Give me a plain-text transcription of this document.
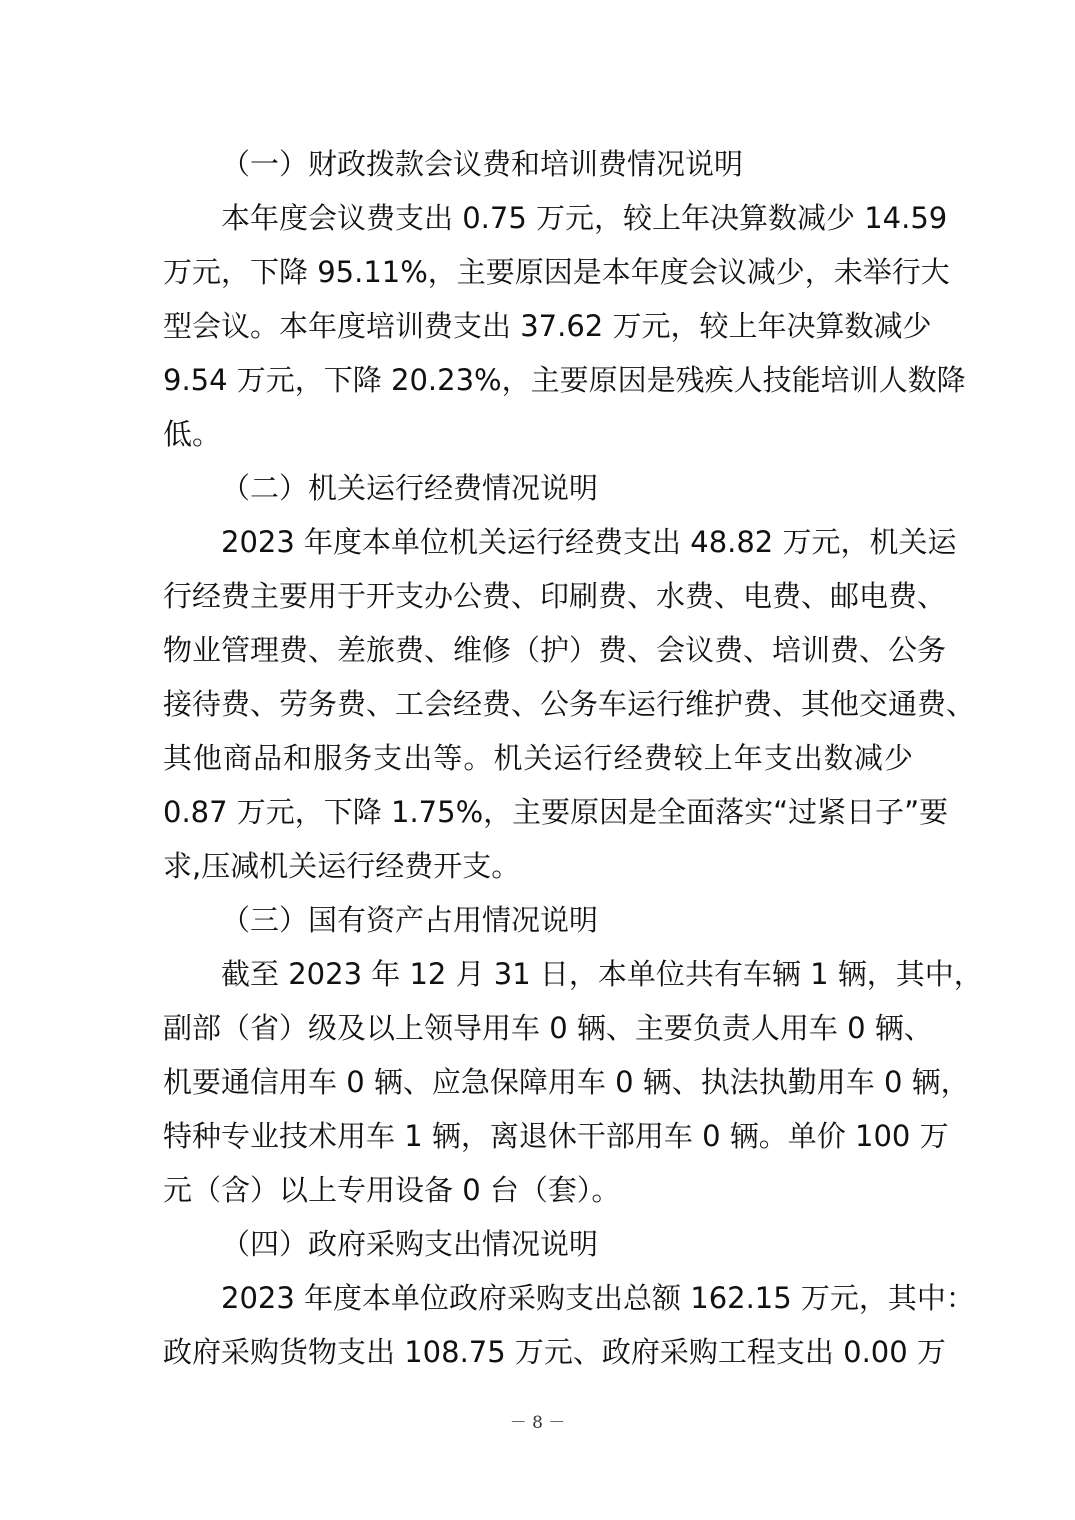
（一）财政拨款会议费和培训费情况说明

本年度会议费支出 0.75 万元，较上年决算数减少 14.59
万元，下降 95.11%，主要原因是本年度会议减少，未举行大
型会议。本年度培训费支出 37.62 万元，较上年决算数减少
9.54 万元，下降 20.23%，主要原因是残疾人技能培训人数降
低。

（二）机关运行经费情况说明

2023 年度本单位机关运行经费支出 48.82 万元，机关运
行经费主要用于开支办公费、印刷费、水费、电费、邮电费、
物业管理费、差旅费、维修（护）费、会议费、培训费、公务
接待费、劳务费、工会经费、公务车运行维护费、其他交通费、
其他商品和服务支出等。机关运行经费较上年支出数减少
0.87 万元，下降 1.75%，主要原因是全面落实“过紧日子”要
求,压减机关运行经费开支。

（三）国有资产占用情况说明

截至 2023 年 12 月 31 日，本单位共有车辆 1 辆，其中，
副部（省）级及以上领导用车 0 辆、主要负责人用车 0 辆、
机要通信用车 0 辆、应急保障用车 0 辆、执法执勤用车 0 辆，
特种专业技术用车 1 辆，离退休干部用车 0 辆。单价 100 万
元（含）以上专用设备 0 台（套）。

（四）政府采购支出情况说明

2023 年度本单位政府采购支出总额 162.15 万元，其中：
政府采购货物支出 108.75 万元、政府采购工程支出 0.00 万

－ 8 －
